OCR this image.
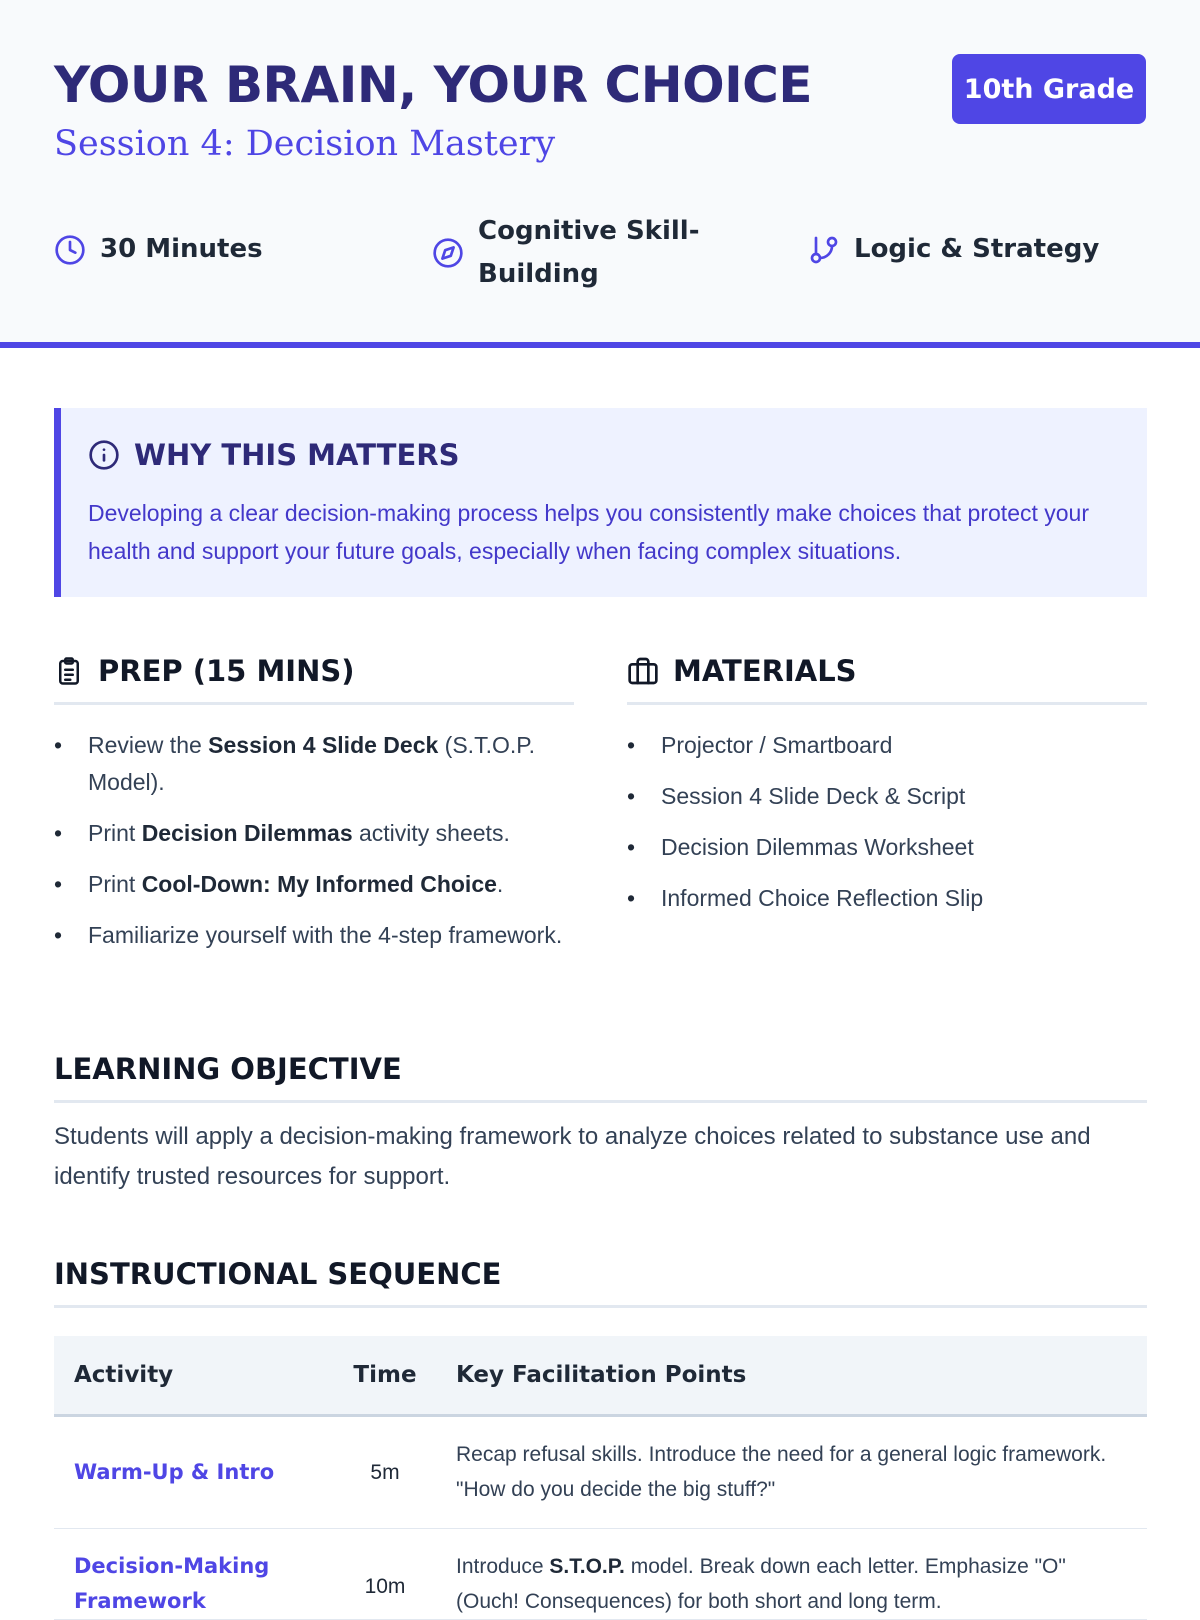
YOUR BRAIN, YOUR CHOICE
Session 4: Decision Mastery
10th Grade
30 Minutes
Cognitive Skill-Building
Logic & Strategy
WHY THIS MATTERS

Developing a clear decision-making process helps you consistently make choices that protect your health and support your future goals, especially when facing complex situations.

PREP (15 MINS)
• Review the Session 4 Slide Deck (S.T.O.P. Model).
• Print Decision Dilemmas activity sheets.
• Print Cool-Down: My Informed Choice.
• Familiarize yourself with the 4-step framework.
MATERIALS
• Projector / Smartboard
• Session 4 Slide Deck & Script
• Decision Dilemmas Worksheet
• Informed Choice Reflection Slip
LEARNING OBJECTIVE

Students will apply a decision-making framework to analyze choices related to substance use and identify trusted resources for support.

INSTRUCTIONAL SEQUENCE
Activity	Time	Key Facilitation Points
Warm-Up & Intro	5m	Recap refusal skills. Introduce the need for a general logic framework. "How do you decide the big stuff?"
Decision-Making Framework	10m	Introduce S.T.O.P. model. Break down each letter. Emphasize "O" (Ouch! Consequences) for both short and long term.
